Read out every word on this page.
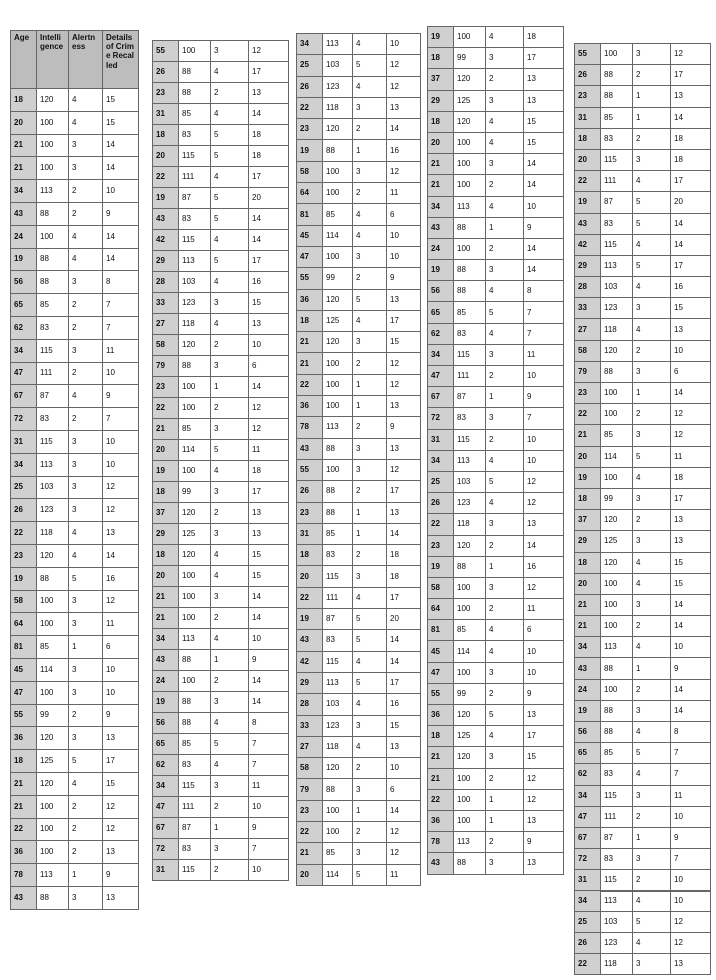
Age	Intelligence	Alertness	Details of Crime Recalled
18	120	4	15
20	100	4	15
21	100	3	14
21	100	3	14
34	113	2	10
43	88	2	9
24	100	4	14
19	88	4	14
56	88	3	8
65	85	2	7
62	83	2	7
34	115	3	11
47	111	2	10
67	87	4	9
72	83	2	7
31	115	3	10
34	113	3	10
25	103	3	12
26	123	3	12
22	118	4	13
23	120	4	14
19	88	5	16
58	100	3	12
64	100	3	11
81	85	1	6
45	114	3	10
47	100	3	10
55	99	2	9
36	120	3	13
18	125	5	17
21	120	4	15
21	100	2	12
22	100	2	12
36	100	2	13
78	113	1	9
43	88	3	13
55	100	3	12
26	88	4	17
23	88	2	13
31	85	4	14
18	83	5	18
20	115	5	18
22	111	4	17
19	87	5	20
43	83	5	14
42	115	4	14
29	113	5	17
28	103	4	16
33	123	3	15
27	118	4	13
58	120	2	10
79	88	3	6
23	100	1	14
22	100	2	12
21	85	3	12
20	114	5	11
19	100	4	18
18	99	3	17
37	120	2	13
29	125	3	13
18	120	4	15
20	100	4	15
21	100	3	14
21	100	2	14
34	113	4	10
43	88	1	9
24	100	2	14
19	88	3	14
56	88	4	8
65	85	5	7
62	83	4	7
34	115	3	11
47	111	2	10
67	87	1	9
72	83	3	7
31	115	2	10
34	113	4	10
25	103	5	12
26	123	4	12
22	118	3	13
23	120	2	14
19	88	1	16
58	100	3	12
64	100	2	11
81	85	4	6
45	114	4	10
47	100	3	10
55	99	2	9
36	120	5	13
18	125	4	17
21	120	3	15
21	100	2	12
22	100	1	12
36	100	1	13
78	113	2	9
43	88	3	13
55	100	3	12
26	88	2	17
23	88	1	13
31	85	1	14
18	83	2	18
20	115	3	18
22	111	4	17
19	87	5	20
43	83	5	14
42	115	4	14
29	113	5	17
28	103	4	16
33	123	3	15
27	118	4	13
58	120	2	10
79	88	3	6
23	100	1	14
22	100	2	12
21	85	3	12
20	114	5	11
19	100	4	18
18	99	3	17
37	120	2	13
29	125	3	13
18	120	4	15
20	100	4	15
21	100	3	14
21	100	2	14
34	113	4	10
43	88	1	9
24	100	2	14
19	88	3	14
56	88	4	8
65	85	5	7
62	83	4	7
34	115	3	11
47	111	2	10
67	87	1	9
72	83	3	7
31	115	2	10
34	113	4	10
25	103	5	12
26	123	4	12
22	118	3	13
23	120	2	14
19	88	1	16
58	100	3	12
64	100	2	11
81	85	4	6
45	114	4	10
47	100	3	10
55	99	2	9
36	120	5	13
18	125	4	17
21	120	3	15
21	100	2	12
22	100	1	12
36	100	1	13
78	113	2	9
43	88	3	13
55	100	3	12
26	88	2	17
23	88	1	13
31	85	1	14
18	83	2	18
20	115	3	18
22	111	4	17
19	87	5	20
43	83	5	14
42	115	4	14
29	113	5	17
28	103	4	16
33	123	3	15
27	118	4	13
58	120	2	10
79	88	3	6
23	100	1	14
22	100	2	12
21	85	3	12
20	114	5	11
19	100	4	18
18	99	3	17
37	120	2	13
29	125	3	13
18	120	4	15
20	100	4	15
21	100	3	14
21	100	2	14
34	113	4	10
43	88	1	9
24	100	2	14
19	88	3	14
56	88	4	8
65	85	5	7
62	83	4	7
34	115	3	11
47	111	2	10
67	87	1	9
72	83	3	7
31	115	2	10
34	113	4	10
25	103	5	12
26	123	4	12
22	118	3	13
